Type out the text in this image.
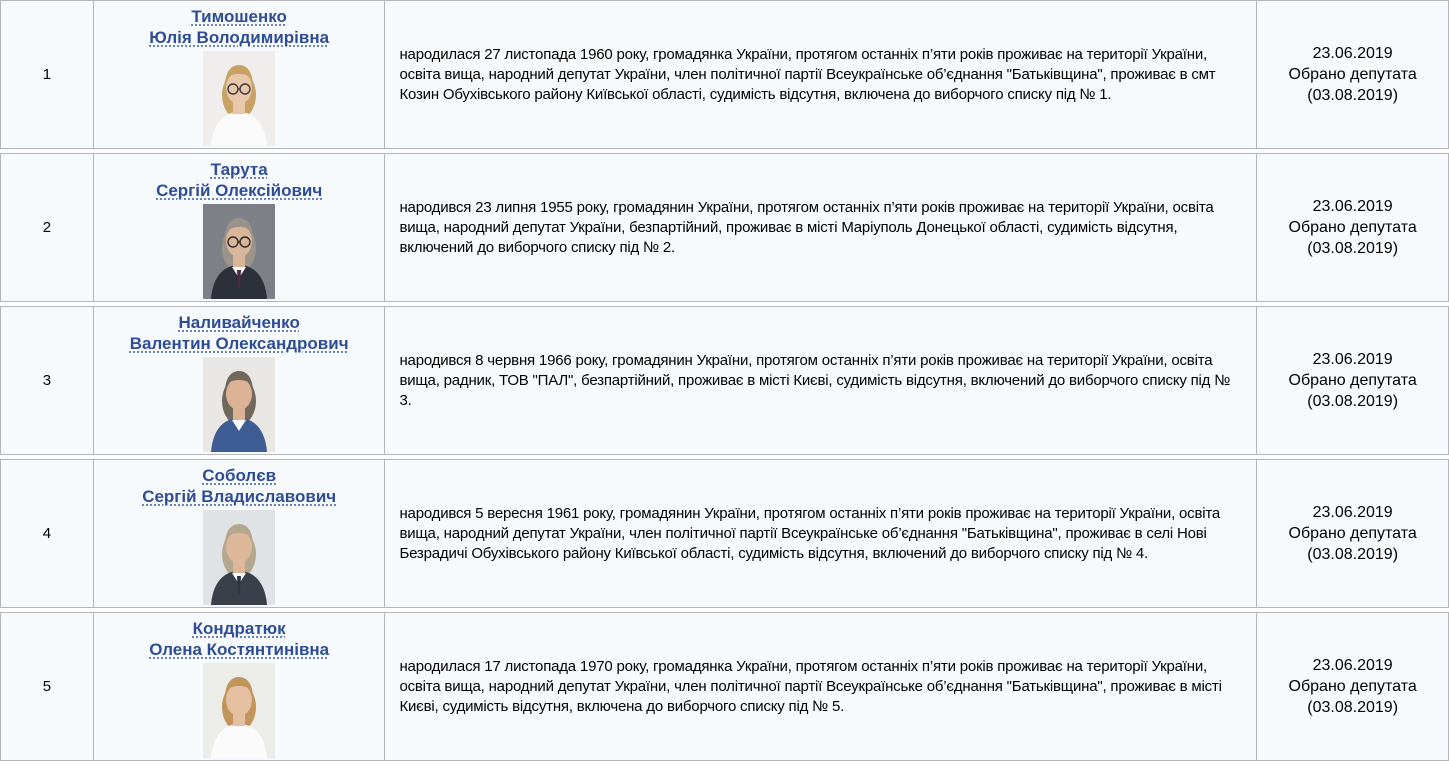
1
Тимошенко
Юлія Володимирівна
народилася 27 листопада 1960 року, громадянка України, протягом останніх п’яти років проживає на території України, освіта вища, народний депутат України, член політичної партії Всеукраїнське об’єднання "Батьківщина", проживає в смт Козин Обухівського району Київської області, судимість відсутня, включена до виборчого списку під № 1.
23.06.2019
Обрано депутата
(03.08.2019)
2
Тарута
Сергій Олексійович
народився 23 липня 1955 року, громадянин України, протягом останніх п’яти років проживає на території України, освіта вища, народний депутат України, безпартійний, проживає в місті Маріуполь Донецької області, судимість відсутня, включений до виборчого списку під № 2.
23.06.2019
Обрано депутата
(03.08.2019)
3
Наливайченко
Валентин Олександрович
народився 8 червня 1966 року, громадянин України, протягом останніх п’яти років проживає на території України, освіта вища, радник, ТОВ "ПАЛ", безпартійний, проживає в місті Києві, судимість відсутня, включений до виборчого списку під № 3.
23.06.2019
Обрано депутата
(03.08.2019)
4
Соболєв
Сергій Владиславович
народився 5 вересня 1961 року, громадянин України, протягом останніх п’яти років проживає на території України, освіта вища, народний депутат України, член політичної партії Всеукраїнське об’єднання "Батьківщина", проживає в селі Нові Безрадичі Обухівського району Київської області, судимість відсутня, включений до виборчого списку під № 4.
23.06.2019
Обрано депутата
(03.08.2019)
5
Кондратюк
Олена Костянтинівна
народилася 17 листопада 1970 року, громадянка України, протягом останніх п’яти років проживає на території України, освіта вища, народний депутат України, член політичної партії Всеукраїнське об’єднання "Батьківщина", проживає в місті Києві, судимість відсутня, включена до виборчого списку під № 5.
23.06.2019
Обрано депутата
(03.08.2019)
